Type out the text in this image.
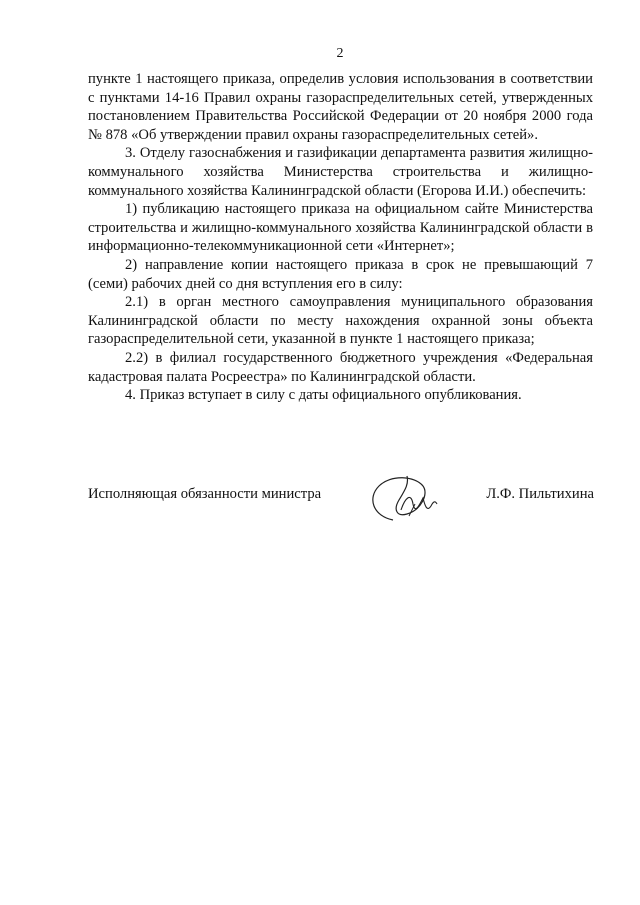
2

пункте 1 настоящего приказа, определив условия использования в соответствии с пунктами 14-16 Правил охраны газораспределительных сетей, утвержденных постановлением Правительства Российской Федерации от 20 ноября 2000 года № 878 «Об утверждении правил охраны газораспределительных сетей».

3. Отделу газоснабжения и газификации департамента развития жилищно-коммунального хозяйства Министерства строительства и жилищно-коммунального хозяйства Калининградской области (Егорова И.И.) обеспечить:

1) публикацию настоящего приказа на официальном сайте Министерства строительства и жилищно-коммунального хозяйства Калининградской области в информационно-телекоммуникационной сети «Интернет»;

2) направление копии настоящего приказа в срок не превышающий 7 (семи) рабочих дней со дня вступления его в силу:

2.1) в орган местного самоуправления муниципального образования Калининградской области по месту нахождения охранной зоны объекта газораспределительной сети, указанной в пункте 1 настоящего приказа;

2.2) в филиал государственного бюджетного учреждения «Федеральная кадастровая палата Росреестра» по Калининградской области.

4. Приказ вступает в силу с даты официального опубликования.

Исполняющая обязанности министра	Л.Ф. Пильтихина
